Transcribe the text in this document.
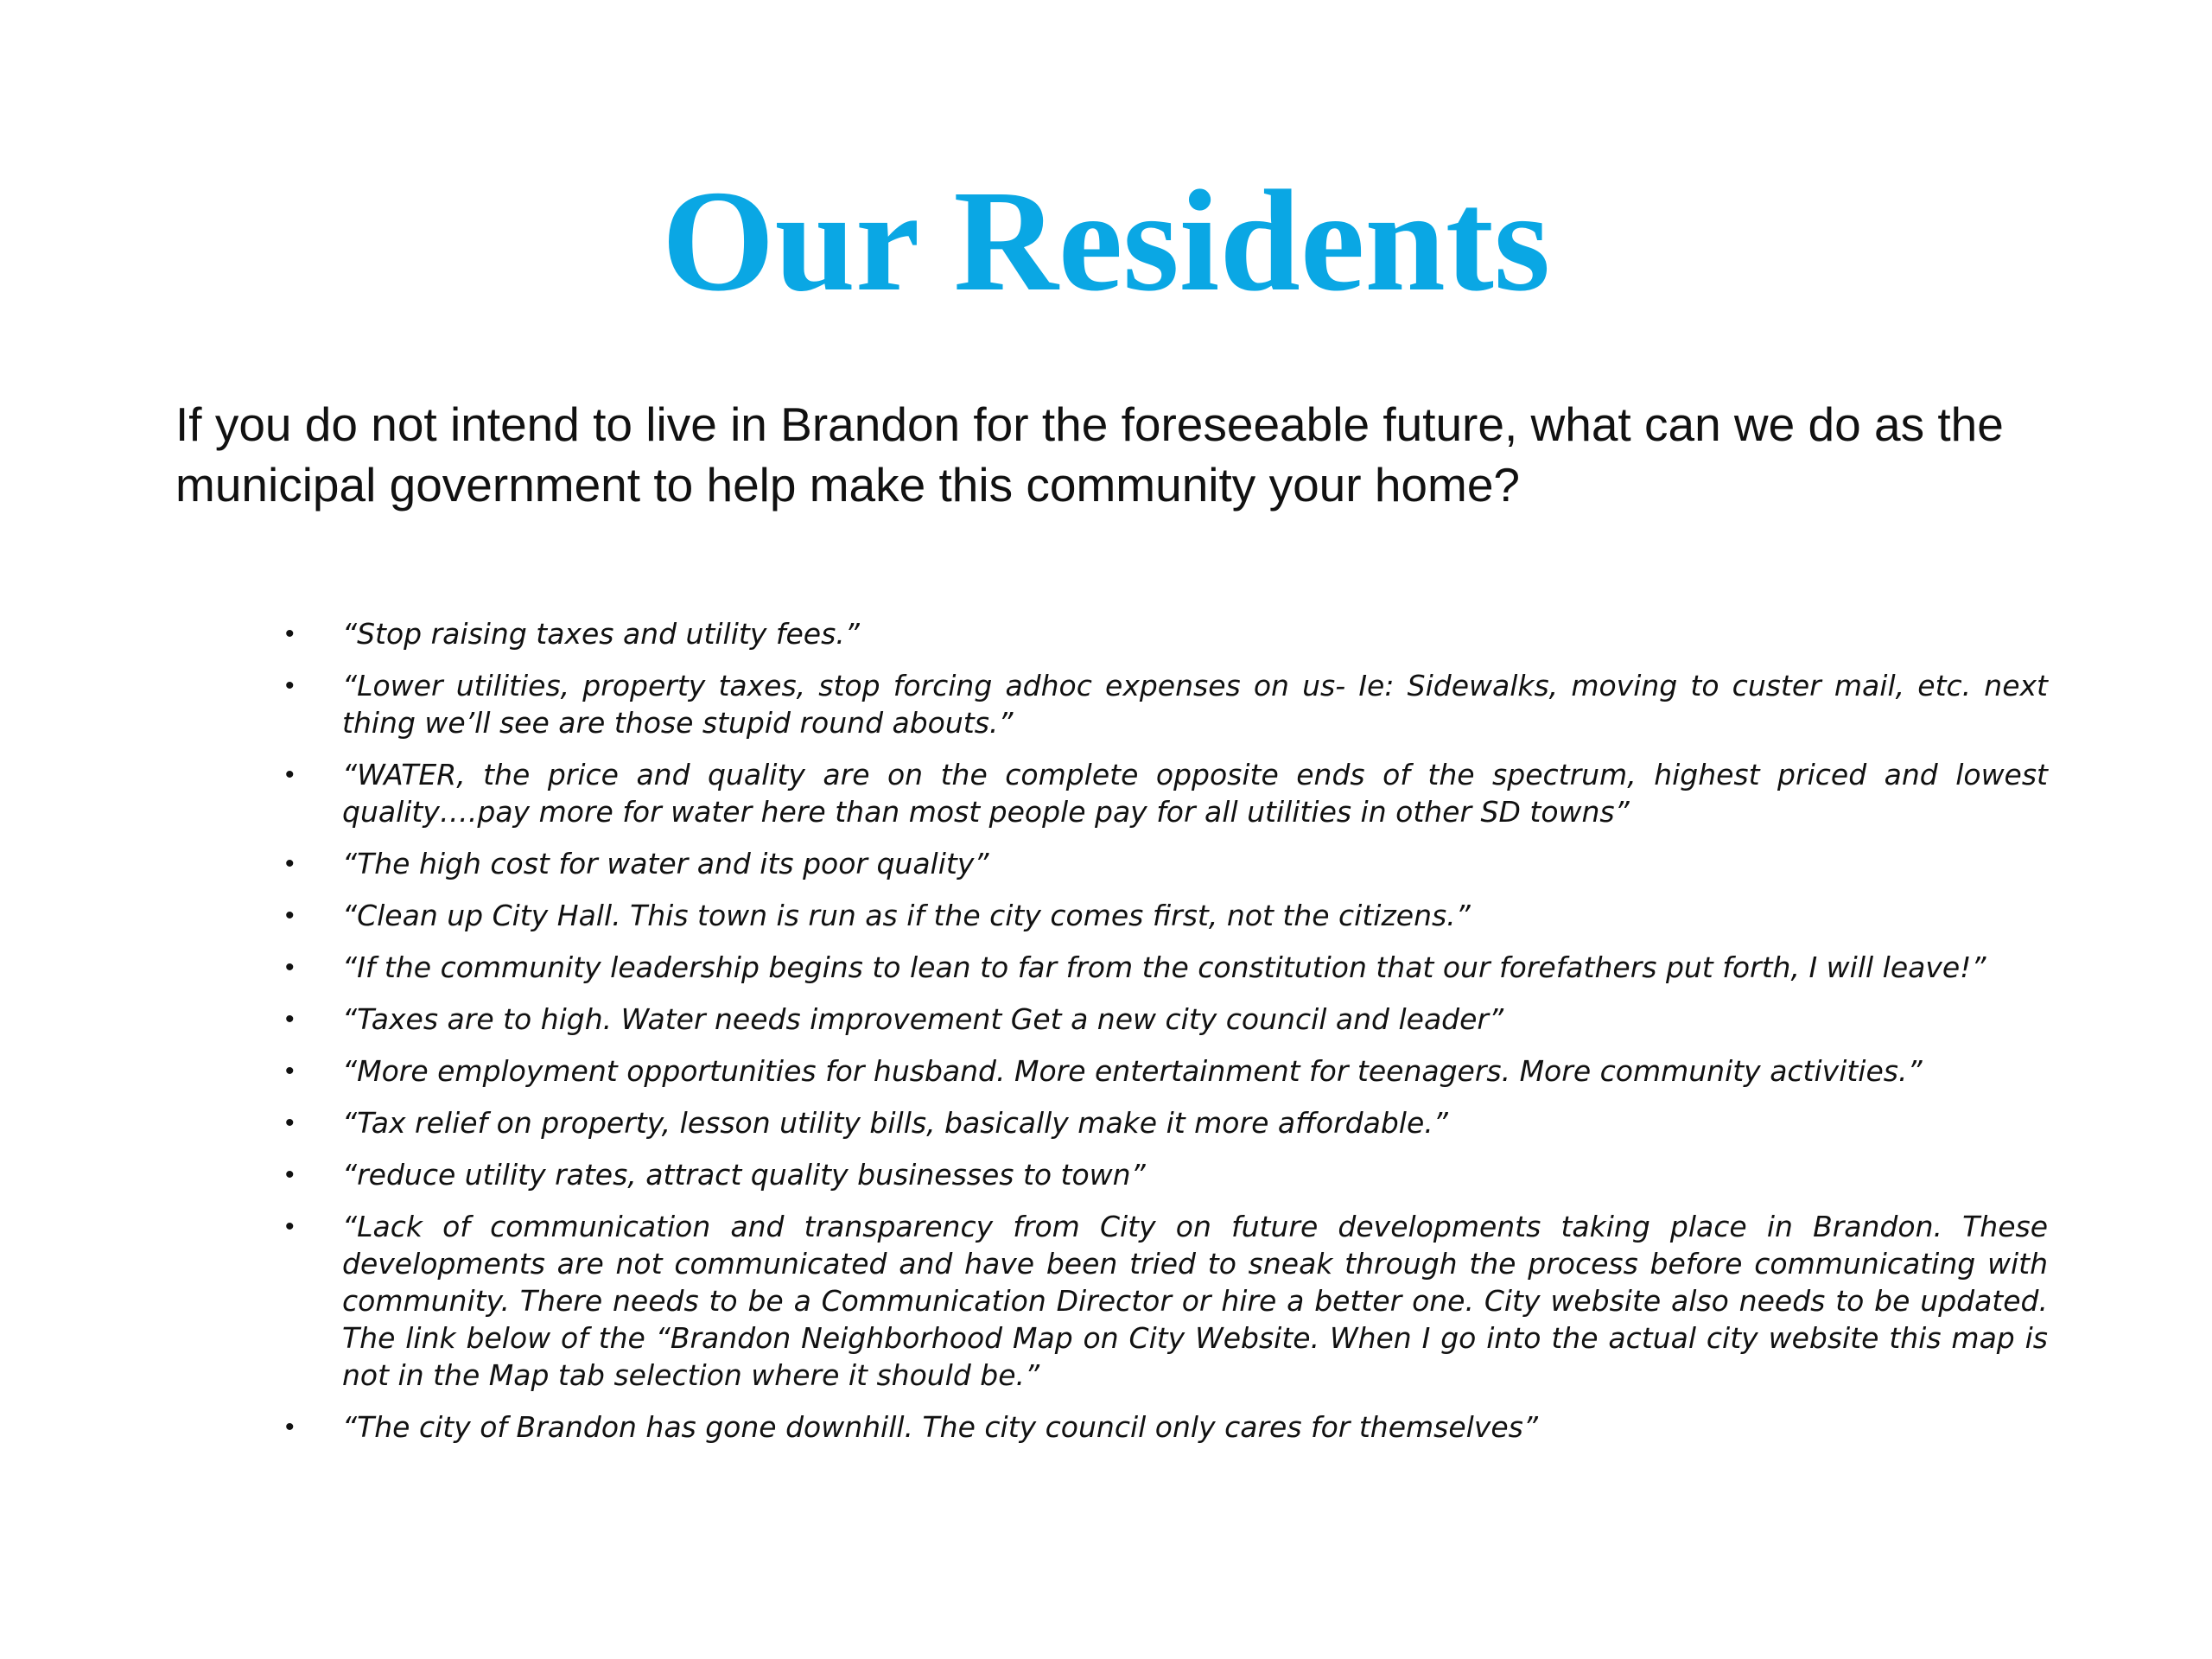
Our Residents

If you do not intend to live in Brandon for the foreseeable future, what can we do as the municipal government to help make this community your home?

• “Stop raising taxes and utility fees.”
• “Lower utilities, property taxes, stop forcing adhoc expenses on us- Ie: Sidewalks, moving to custer mail, etc. next thing we’ll see are those stupid round abouts.”
• “WATER, the price and quality are on the complete opposite ends of the spectrum, highest priced and lowest quality….pay more for water here than most people pay for all utilities in other SD towns”
• “The high cost for water and its poor quality”
• “Clean up City Hall. This town is run as if the city comes first, not the citizens.”
• “If the community leadership begins to lean to far from the constitution that our forefathers put forth, I will leave!”
• “Taxes are to high. Water needs improvement Get a new city council and leader”
• “More employment opportunities for husband. More entertainment for teenagers. More community activities.”
• “Tax relief on property, lesson utility bills, basically make it more affordable.”
• “reduce utility rates, attract quality businesses to town”
• “Lack of communication and transparency from City on future developments taking place in Brandon. These developments are not communicated and have been tried to sneak through the process before communicating with community. There needs to be a Communication Director or hire a better one. City website also needs to be updated. The link below of the “Brandon Neighborhood Map on City Website. When I go into the actual city website this map is not in the Map tab selection where it should be.”
• “The city of Brandon has gone downhill. The city council only cares for themselves”
